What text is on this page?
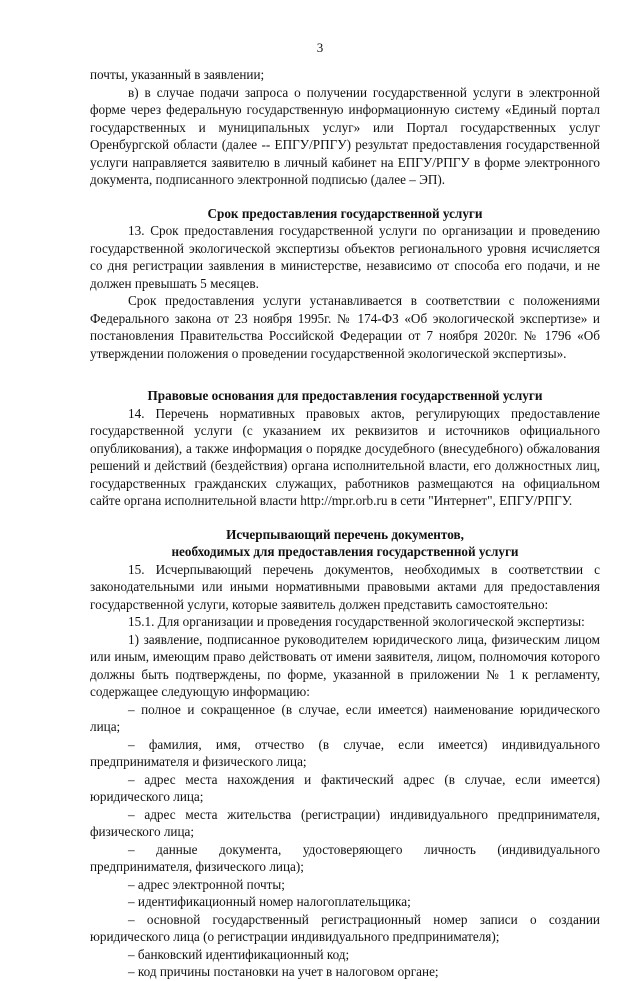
3

почты, указанный в заявлении;

в) в случае подачи запроса о получении государственной услуги в электронной форме через федеральную государственную информационную систему «Единый портал государственных и муниципальных услуг» или Портал государственных услуг Оренбургской области (далее -- ЕПГУ/РПГУ) результат предоставления государственной услуги направляется заявителю в личный кабинет на ЕПГУ/РПГУ в форме электронного документа, подписанного электронной подписью (далее – ЭП).

Срок предоставления государственной услуги

13. Срок предоставления государственной услуги по организации и проведению государственной экологической экспертизы объектов регионального уровня исчисляется со дня регистрации заявления в министерстве, независимо от способа его подачи, и не должен превышать 5 месяцев.

Срок предоставления услуги устанавливается в соответствии с положениями Федерального закона от 23 ноября 1995г. № 174-ФЗ «Об экологической экспертизе» и постановления Правительства Российской Федерации от 7 ноября 2020г. № 1796 «Об утверждении положения о проведении государственной экологической экспертизы».

Правовые основания для предоставления государственной услуги

14. Перечень нормативных правовых актов, регулирующих предоставление государственной услуги (с указанием их реквизитов и источников официального опубликования), а также информация о порядке досудебного (внесудебного) обжалования решений и действий (бездействия) органа исполнительной власти, его должностных лиц, государственных гражданских служащих, работников размещаются на официальном сайте органа исполнительной власти http://mpr.orb.ru в сети "Интернет", ЕПГУ/РПГУ.

Исчерпывающий перечень документов,

необходимых для предоставления государственной услуги

15. Исчерпывающий перечень документов, необходимых в соответствии с законодательными или иными нормативными правовыми актами для предоставления государственной услуги, которые заявитель должен представить самостоятельно:

15.1. Для организации и проведения государственной экологической экспертизы:

1) заявление, подписанное руководителем юридического лица, физическим лицом или иным, имеющим право действовать от имени заявителя, лицом, полномочия которого должны быть подтверждены, по форме, указанной в приложении № 1 к регламенту, содержащее следующую информацию:

– полное и сокращенное (в случае, если имеется) наименование юридического лица;

– фамилия, имя, отчество (в случае, если имеется) индивидуального предпринимателя и физического лица;

– адрес места нахождения и фактический адрес (в случае, если имеется) юридического лица;

– адрес места жительства (регистрации) индивидуального предпринимателя, физического лица;

– данные документа, удостоверяющего личность (индивидуального предпринимателя, физического лица);

– адрес электронной почты;

– идентификационный номер налогоплательщика;

– основной государственный регистрационный номер записи о создании юридического лица (о регистрации индивидуального предпринимателя);

– банковский идентификационный код;

– код причины постановки на учет в налоговом органе;
